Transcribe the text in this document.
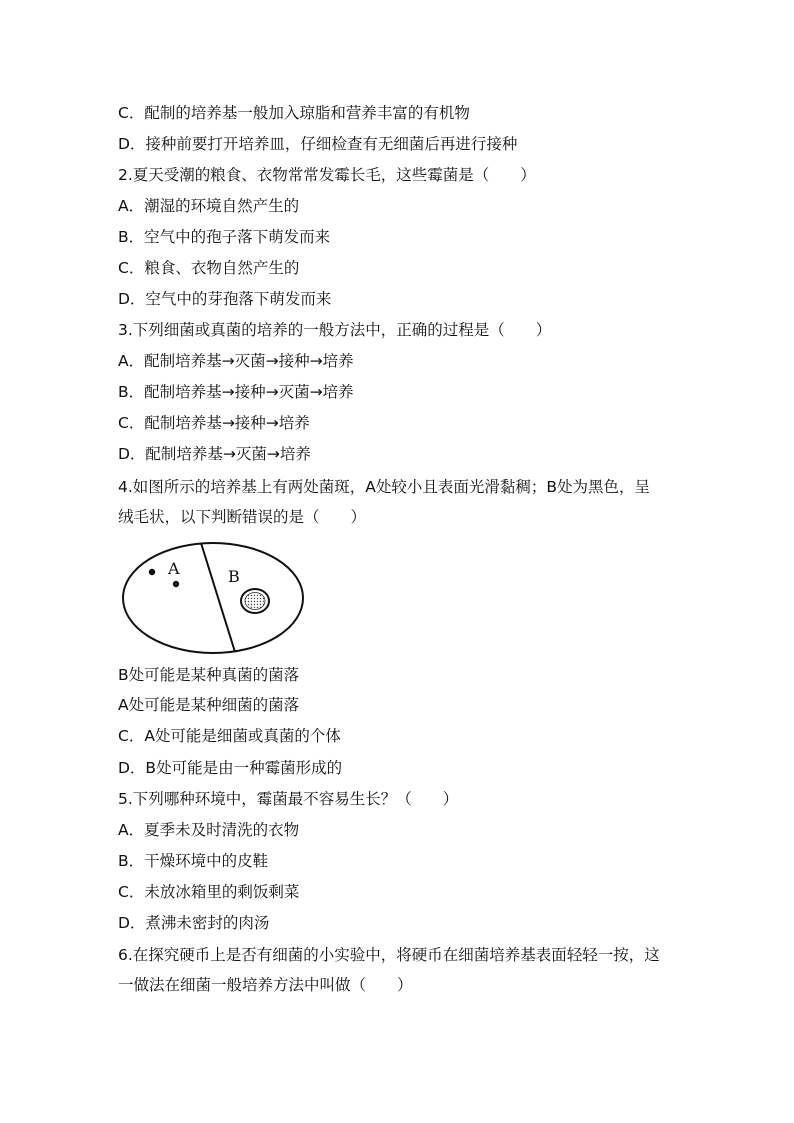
C．配制的培养基一般加入琼脂和营养丰富的有机物
D．接种前要打开培养皿，仔细检查有无细菌后再进行接种
2.夏天受潮的粮食、衣物常常发霉长毛，这些霉菌是（　　）
A．潮湿的环境自然产生的
B．空气中的孢子落下萌发而来
C．粮食、衣物自然产生的
D．空气中的芽孢落下萌发而来
3.下列细菌或真菌的培养的一般方法中，正确的过程是（　　）
A．配制培养基→灭菌→接种→培养
B．配制培养基→接种→灭菌→培养
C．配制培养基→接种→培养
D．配制培养基→灭菌→培养
4.如图所示的培养基上有两处菌斑，A处较小且表面光滑黏稠；B处为黑色，呈
绒毛状，以下判断错误的是（　　）
A	B
B处可能是某种真菌的菌落
A处可能是某种细菌的菌落
C．A处可能是细菌或真菌的个体
D．B处可能是由一种霉菌形成的
5.下列哪种环境中，霉菌最不容易生长？（　　）
A．夏季未及时清洗的衣物
B．干燥环境中的皮鞋
C．未放冰箱里的剩饭剩菜
D．煮沸未密封的肉汤
6.在探究硬币上是否有细菌的小实验中，将硬币在细菌培养基表面轻轻一按，这
一做法在细菌一般培养方法中叫做（　　）
